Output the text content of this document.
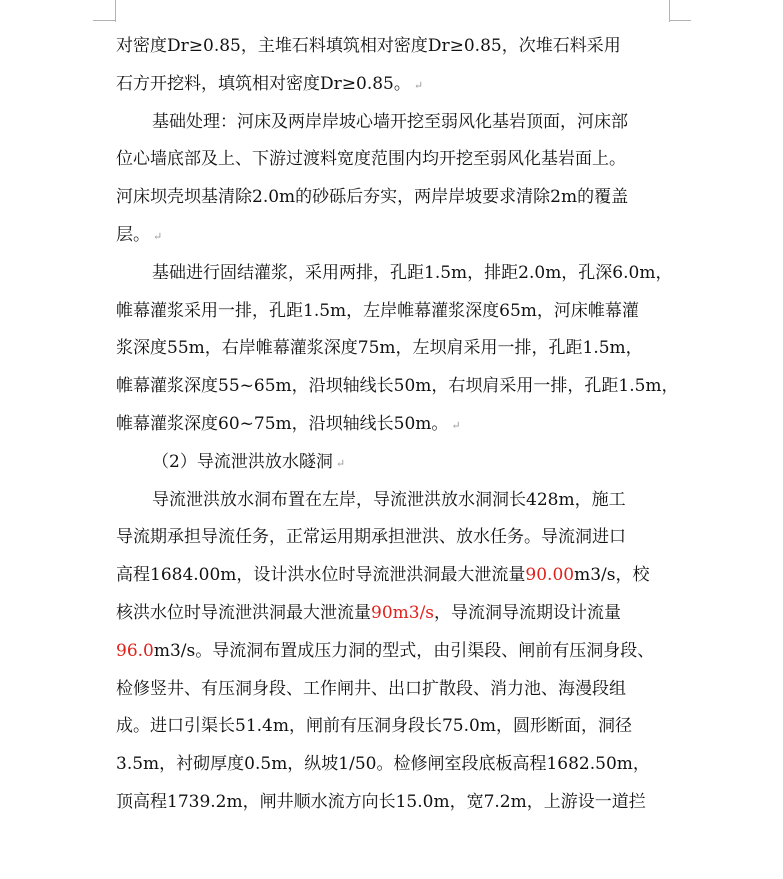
对密度Dr≥0.85，主堆石料填筑相对密度Dr≥0.85，次堆石料采用
石方开挖料，填筑相对密度Dr≥0.85。 ↵
基础处理：河床及两岸岸坡心墙开挖至弱风化基岩顶面，河床部
位心墙底部及上、下游过渡料宽度范围内均开挖至弱风化基岩面上。
河床坝壳坝基清除2.0m的砂砾后夯实，两岸岸坡要求清除2m的覆盖
层。 ↵
基础进行固结灌浆，采用两排，孔距1.5m，排距2.0m，孔深6.0m，
帷幕灌浆采用一排，孔距1.5m，左岸帷幕灌浆深度65m，河床帷幕灌
浆深度55m，右岸帷幕灌浆深度75m，左坝肩采用一排，孔距1.5m，
帷幕灌浆深度55~65m，沿坝轴线长50m，右坝肩采用一排，孔距1.5m，
帷幕灌浆深度60~75m，沿坝轴线长50m。 ↵
（2）导流泄洪放水隧洞 ↵
导流泄洪放水洞布置在左岸，导流泄洪放水洞洞长428m，施工
导流期承担导流任务，正常运用期承担泄洪、放水任务。导流洞进口
高程1684.00m，设计洪水位时导流泄洪洞最大泄流量90.00m3/s，校
核洪水位时导流泄洪洞最大泄流量90m3/s，导流洞导流期设计流量
96.0m3/s。导流洞布置成压力洞的型式，由引渠段、闸前有压洞身段、
检修竖井、有压洞身段、工作闸井、出口扩散段、消力池、海漫段组
成。进口引渠长51.4m，闸前有压洞身段长75.0m，圆形断面，洞径
3.5m，衬砌厚度0.5m，纵坡1/50。检修闸室段底板高程1682.50m，
顶高程1739.2m，闸井顺水流方向长15.0m，宽7.2m，上游设一道拦
